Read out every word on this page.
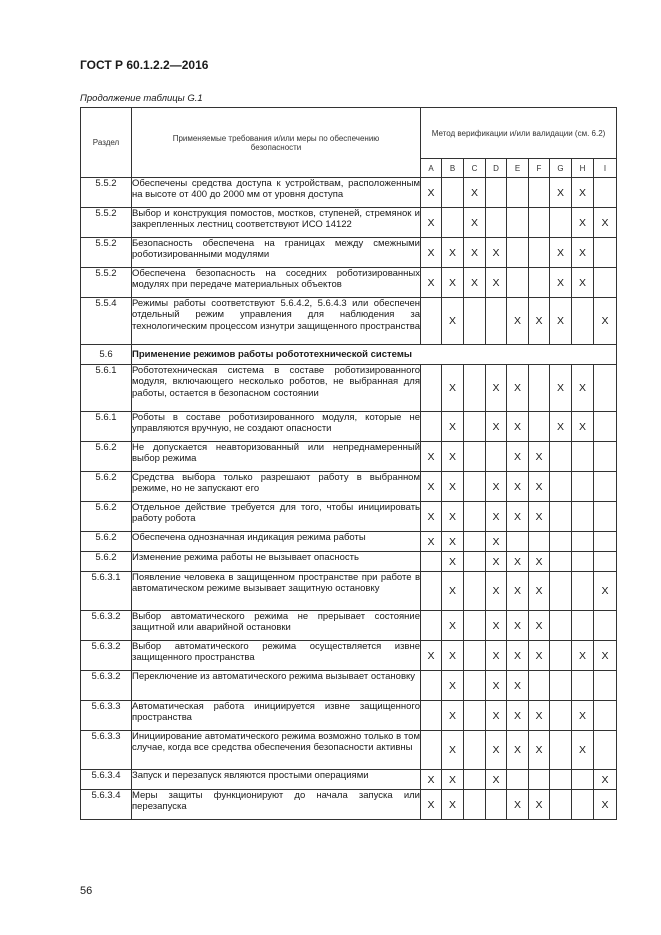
ГОСТ Р 60.1.2.2—2016
Продолжение таблицы G.1
Раздел	Применяемые требования и/или меры по обеспечению безопасности	Метод верификации и/или валидации (см. 6.2)								
		A	B	C	D	E	F	G	H	I
5.5.2	Обеспечены средства доступа к устройствам, расположенным на высоте от 400 до 2000 мм от уровня доступа	X		X				X	X	
5.5.2	Выбор и конструкция помостов, мостков, ступеней, стремянок и закрепленных лестниц соответствуют ИСО 14122	X		X					X	X
5.5.2	Безопасность обеспечена на границах между смежными роботизированными модулями	X	X	X	X			X	X	
5.5.2	Обеспечена безопасность на соседних роботизированных модулях при передаче материальных объектов	X	X	X	X			X	X	
5.5.4	Режимы работы соответствуют 5.6.4.2, 5.6.4.3 или обеспечен отдельный режим управления для наблюдения за технологическим процессом изнутри защищенного пространства		X			X	X	X		X
5.6	Применение режимов работы робототехнической системы									
5.6.1	Робототехническая система в составе роботизированного модуля, включающего несколько роботов, не выбранная для работы, остается в безопасном состоянии		X		X	X		X	X	
5.6.1	Роботы в составе роботизированного модуля, которые не управляются вручную, не создают опасности		X		X	X		X	X	
5.6.2	Не допускается неавторизованный или непреднамеренный выбор режима	X	X			X	X			
5.6.2	Средства выбора только разрешают работу в выбранном режиме, но не запускают его	X	X		X	X	X			
5.6.2	Отдельное действие требуется для того, чтобы инициировать работу робота	X	X		X	X	X			
5.6.2	Обеспечена однозначная индикация режима работы	X	X		X					
5.6.2	Изменение режима работы не вызывает опасность		X		X	X	X			
5.6.3.1	Появление человека в защищенном пространстве при работе в автоматическом режиме вызывает защитную остановку		X		X	X	X			X
5.6.3.2	Выбор автоматического режима не прерывает состояние защитной или аварийной остановки		X		X	X	X			
5.6.3.2	Выбор автоматического режима осуществляется извне защищенного пространства	X	X		X	X	X		X	X
5.6.3.2	Переключение из автоматического режима вызывает остановку		X		X	X				
5.6.3.3	Автоматическая работа инициируется извне защищенного пространства		X		X	X	X		X	
5.6.3.3	Инициирование автоматического режима возможно только в том случае, когда все средства обеспечения безопасности активны		X		X	X	X		X	
5.6.3.4	Запуск и перезапуск являются простыми операциями	X	X		X					X
5.6.3.4	Меры защиты функционируют до начала запуска или перезапуска	X	X			X	X			X
56
